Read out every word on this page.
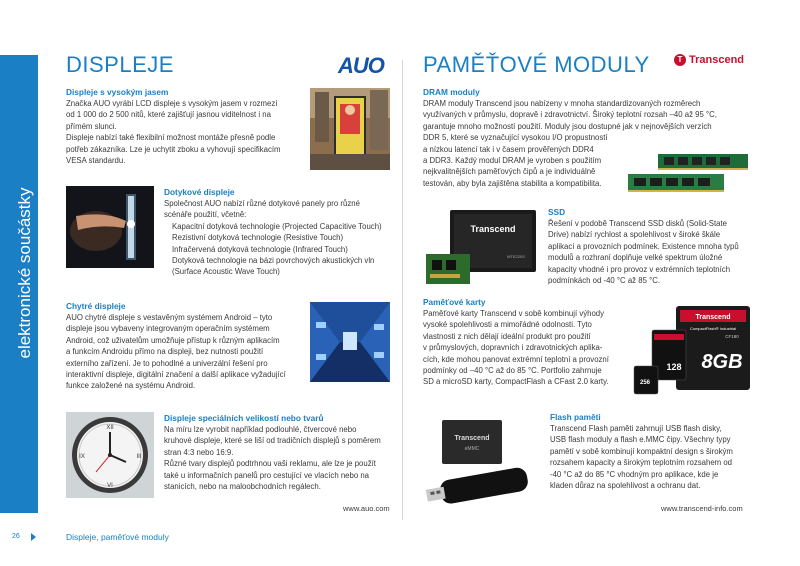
elektronické součástky
26	Displeje, paměťové moduly
DISPLEJE	AUO
Displeje s vysokým jasem

Značka AUO vyrábí LCD displeje s vysokým jasem v rozmezí

od 1 000 do 2 500 nitů, které zajišťují jasnou viditelnost i na

přímém slunci.

Displeje nabízí také flexibilní možnost montáže přesně podle

potřeb zákazníka. Lze je uchytit zboku a vyhovují specifikacím

VESA standardu.

Dotykové displeje

Společnost AUO nabízí různé dotykové panely pro různé

scénáře použití, včetně:

Kapacitní dotyková technologie (Projected Capacitive Touch)
Rezistivní dotyková technologie (Resistive Touch)
Infračervená dotyková technologie (Infrared Touch)
Dotyková technologie na bázi povrchových akustických vln
(Surface Acoustic Wave Touch)
Chytré displeje

AUO chytré displeje s vestavěným systémem Android – tyto

displeje jsou vybaveny integrovaným operačním systémem

Android, což uživatelům umožňuje přístup k různým aplikacím

a funkcím Androidu přímo na displeji, bez nutnosti použití

externího zařízení. Je to pohodlné a univerzální řešení pro

interaktivní displeje, digitální značení a další aplikace vyžadující

funkce založené na systému Android.

XII
III
VI
IX
Displeje speciálních velikostí nebo tvarů

Na míru lze vyrobit například podlouhlé, čtvercové nebo

kruhové displeje, které se liší od tradičních displejů s poměrem

stran 4:3 nebo 16:9.

Různé tvary displejů podtrhnou vaši reklamu, ale lze je použít

také u informačních panelů pro cestující ve vlacích nebo na

stanicích, nebo na maloobchodních regálech.

www.auo.com
PAMĚŤOVÉ MODULY	T Transcend
DRAM moduly

DRAM moduly Transcend jsou nabízeny v mnoha standardizovaných rozměrech

využívaných v průmyslu, dopravě i zdravotnictví. Široký teplotní rozsah –40 až 95 °C,

garantuje mnoho možností použití. Moduly jsou dostupné jak v nejnovějších verzích

DDR 5, které se vyznačující vysokou I/O propustností

a nízkou latencí tak i v časem prověřených DDR4

a DDR3. Každý modul DRAM je vyroben s použitím

nejkvalitnějších paměťových čipů a je individuálně

testován, aby byla zajištěna stabilita a kompatibilita.

Transcend
MTE220S
SSD

Řešení v podobě Transcend SSD disků (Solid-State

Drive) nabízí rychlost a spolehlivost v široké škále

aplikací a provozních podmínek. Existence mnoha typů

modulů a rozhraní doplňuje velké spektrum úložné

kapacity vhodné i pro provoz v extrémních teplotních

podmínkách od -40 °C až 85 °C.

Paměťové karty

Paměťové karty Transcend v sobě kombinují výhody

vysoké spolehlivosti a mimořádné odolnosti. Tyto

vlastnosti z nich dělají ideální produkt pro použití

v průmyslových, dopravních i zdravotnických aplika-

cích, kde mohou panovat extrémní teplotní a provozní

podmínky od –40 °C až do 85 °C. Portfolio zahrnuje

SD a microSD karty, CompactFlash a CFast 2.0 karty.

Transcend
CompactFlash® Industrial
CF180
8GB
128
256
Transcend
eMMC
Flash paměti

Transcend Flash paměti zahrnují USB flash disky,

USB flash moduly a flash e.MMC čipy. Všechny typy

pamětí v sobě kombinují kompaktní design s širokým

rozsahem kapacity a širokým teplotním rozsahem od

-40 °C až do 85 °C vhodným pro aplikace, kde je

kladen důraz na spolehlivost a ochranu dat.

www.transcend-info.com
